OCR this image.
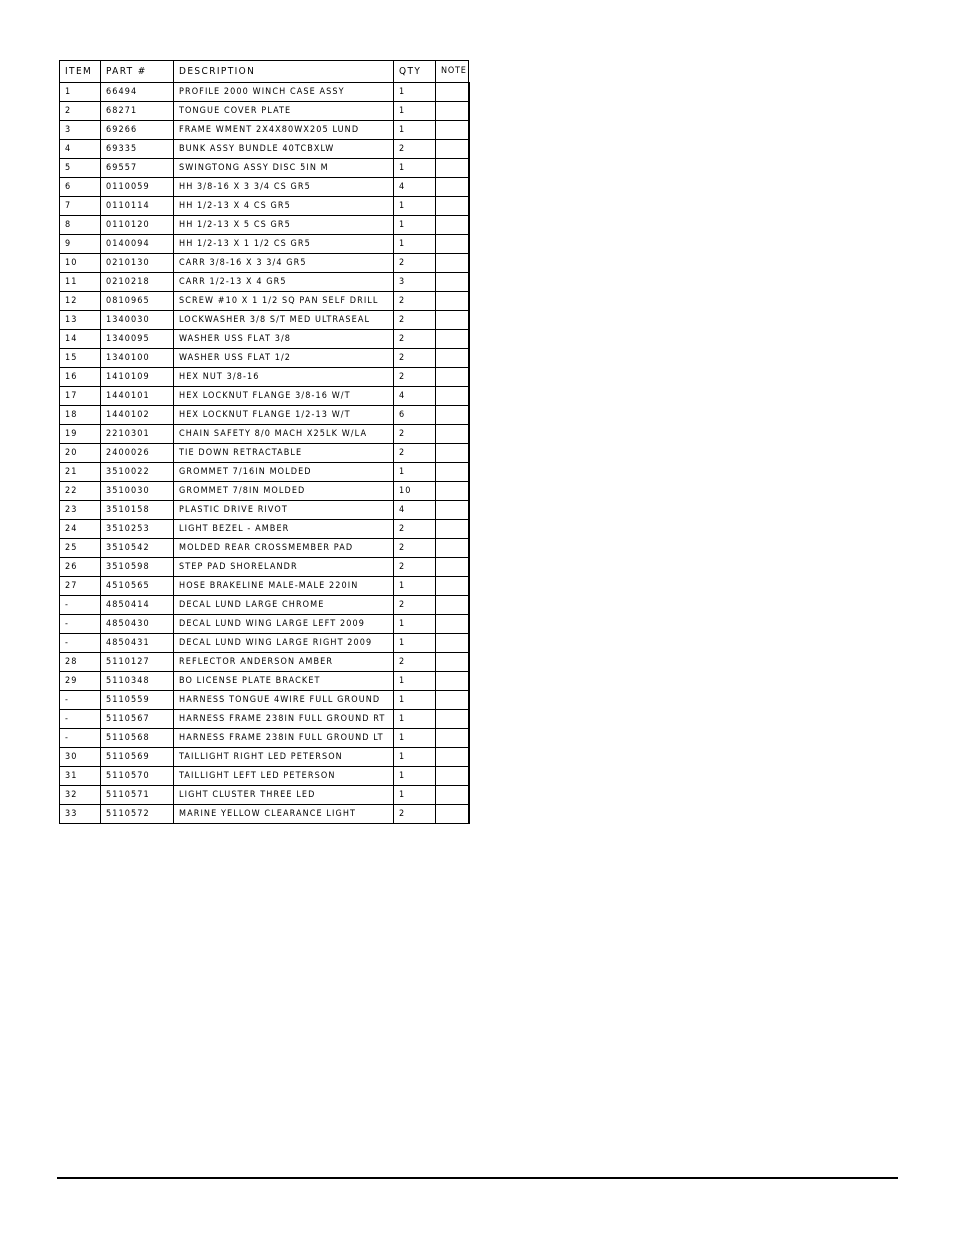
ITEM	PART #	DESCRIPTION	QTY	NOTE
1	66494	PROFILE 2000 WINCH CASE ASSY	1	
2	68271	TONGUE COVER PLATE	1	
3	69266	FRAME WMENT 2X4X80WX205 LUND	1	
4	69335	BUNK ASSY BUNDLE 40TCBXLW	2	
5	69557	SWINGTONG ASSY DISC 5IN M	1	
6	0110059	HH 3/8-16 X 3 3/4 CS GR5	4	
7	0110114	HH 1/2-13 X 4 CS GR5	1	
8	0110120	HH 1/2-13 X 5 CS GR5	1	
9	0140094	HH 1/2-13 X 1 1/2 CS GR5	1	
10	0210130	CARR 3/8-16 X 3 3/4 GR5	2	
11	0210218	CARR 1/2-13 X 4 GR5	3	
12	0810965	SCREW #10 X 1 1/2 SQ PAN SELF DRILL	2	
13	1340030	LOCKWASHER 3/8 S/T MED ULTRASEAL	2	
14	1340095	WASHER USS FLAT 3/8	2	
15	1340100	WASHER USS FLAT 1/2	2	
16	1410109	HEX NUT 3/8-16	2	
17	1440101	HEX LOCKNUT FLANGE 3/8-16 W/T	4	
18	1440102	HEX LOCKNUT FLANGE 1/2-13 W/T	6	
19	2210301	CHAIN SAFETY 8/0 MACH X25LK W/LA	2	
20	2400026	TIE DOWN RETRACTABLE	2	
21	3510022	GROMMET 7/16IN MOLDED	1	
22	3510030	GROMMET 7/8IN MOLDED	10	
23	3510158	PLASTIC DRIVE RIVOT	4	
24	3510253	LIGHT BEZEL - AMBER	2	
25	3510542	MOLDED REAR CROSSMEMBER PAD	2	
26	3510598	STEP PAD SHORELANDR	2	
27	4510565	HOSE BRAKELINE MALE-MALE 220IN	1	
-	4850414	DECAL LUND LARGE CHROME	2	
-	4850430	DECAL LUND WING LARGE LEFT 2009	1	
-	4850431	DECAL LUND WING LARGE RIGHT 2009	1	
28	5110127	REFLECTOR ANDERSON AMBER	2	
29	5110348	BO LICENSE PLATE BRACKET	1	
-	5110559	HARNESS TONGUE 4WIRE FULL GROUND	1	
-	5110567	HARNESS FRAME 238IN FULL GROUND RT	1	
-	5110568	HARNESS FRAME 238IN FULL GROUND LT	1	
30	5110569	TAILLIGHT RIGHT LED PETERSON	1	
31	5110570	TAILLIGHT LEFT LED PETERSON	1	
32	5110571	LIGHT CLUSTER THREE LED	1	
33	5110572	MARINE YELLOW CLEARANCE LIGHT	2	
